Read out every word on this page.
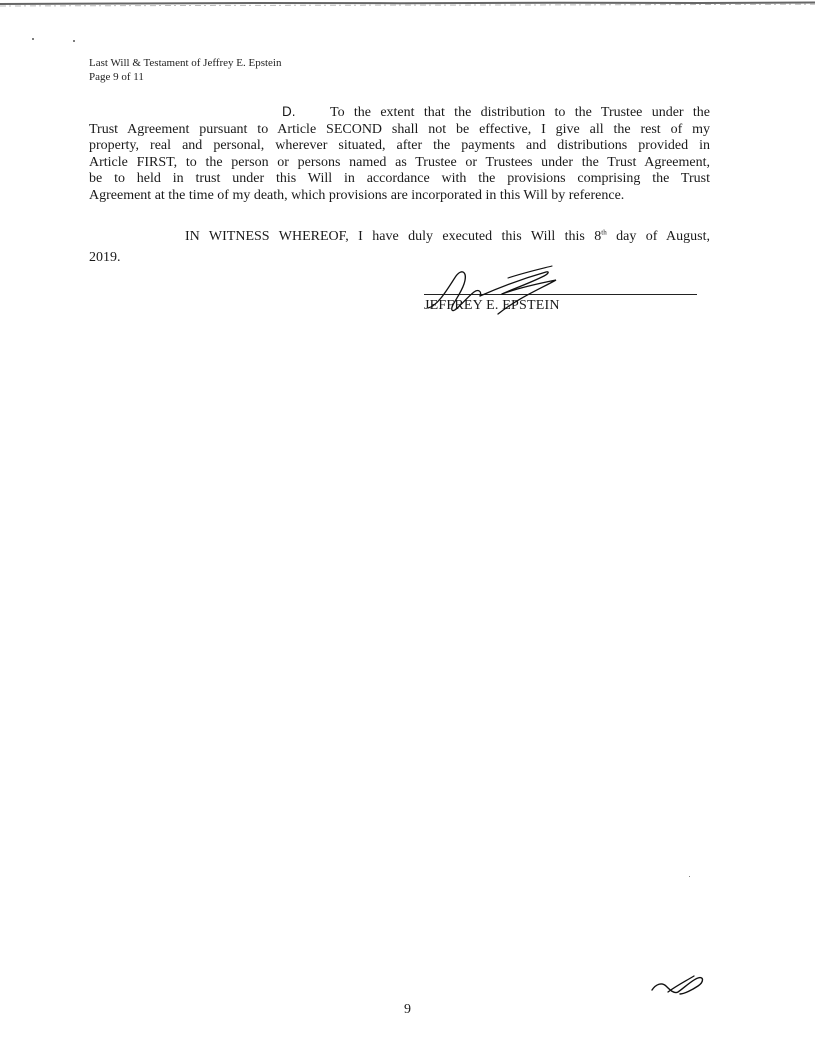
Last Will & Testament of Jeffrey E. Epstein
Page 9 of 11
D. To the extent that the distribution to the Trustee under the
Trust Agreement pursuant to Article SECOND shall not be effective, I give all the rest of my
property, real and personal, wherever situated, after the payments and distributions provided in
Article FIRST, to the person or persons named as Trustee or Trustees under the Trust Agreement,
be to held in trust under this Will in accordance with the provisions comprising the Trust
Agreement at the time of my death, which provisions are incorporated in this Will by reference.
IN WITNESS WHEREOF, I have duly executed this Will this 8th day of August,
2019.
JEFFREY E. EPSTEIN
9
